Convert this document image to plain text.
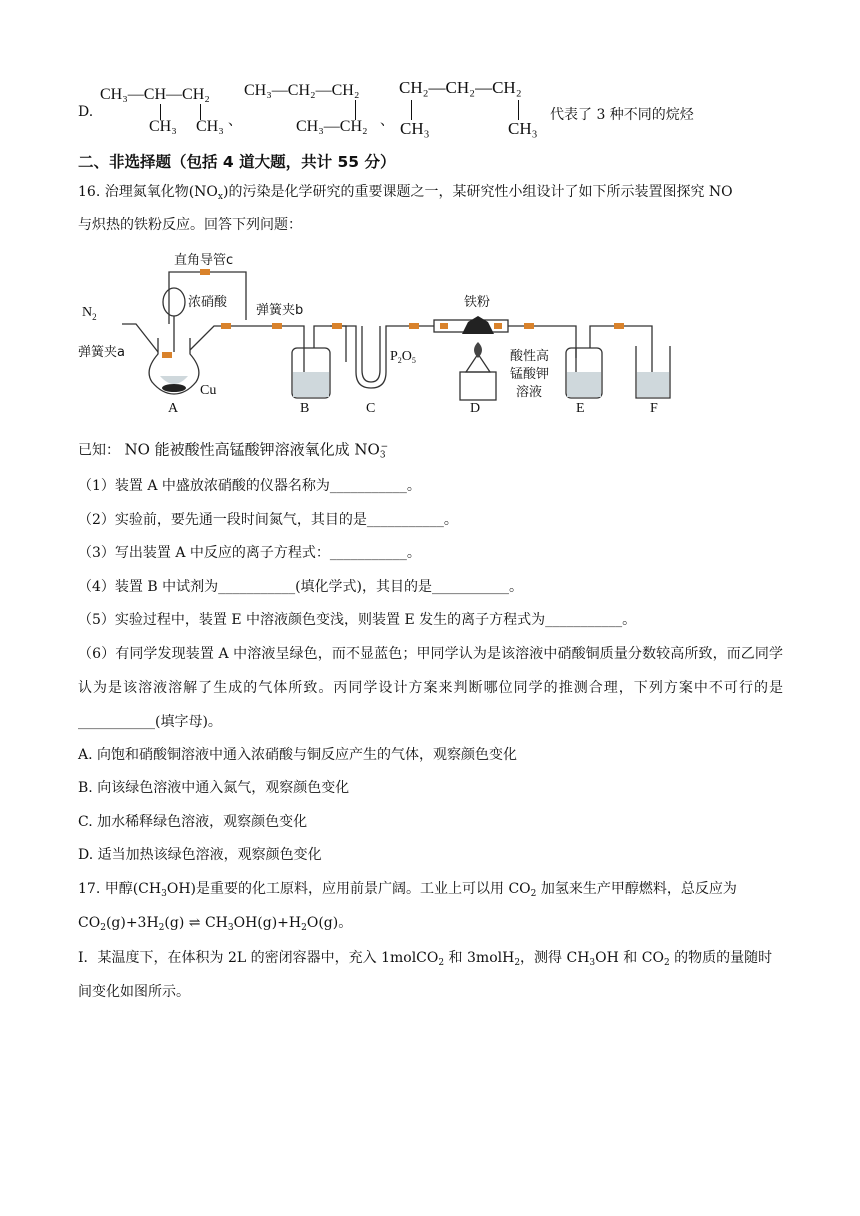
D.
CH₃—CH—CH₂
CH₃ CH₃ 、
CH₃—CH₂—CH₂
CH₃—CH₂ 、
CH₂—CH₂—CH₂
CH₃	CH₃
代表了 3 种不同的烷烃
二、非选择题（包括 4 道大题，共计 55 分）
16. 治理氮氧化物$(NO_x)$的污染是化学研究的重要课题之一，某研究性小组设计了如下所示装置图探究 NO
与炽热的铁粉反应。回答下列问题：
直角导管c
浓硝酸
弹簧夹b
$N_2$
弹簧夹a
Cu
铁粉
$P_2O_5$	酸性高
锰酸钾
溶液
A	B	C	D	E	F
已知： NO 能被酸性高锰酸钾溶液氧化成 $NO_3^-$
（1）装置 A 中盛放浓硝酸的仪器名称为___________。
（2）实验前，要先通一段时间氮气，其目的是___________。
（3）写出装置 A 中反应的离子方程式：___________。
（4）装置 B 中试剂为___________(填化学式)，其目的是___________。
（5）实验过程中，装置 E 中溶液颜色变浅，则装置 E 发生的离子方程式为___________。
（6）有同学发现装置 A 中溶液呈绿色，而不显蓝色；甲同学认为是该溶液中硝酸铜质量分数较高所致，而乙同学认为是该溶液溶解了生成的气体所致。丙同学设计方案来判断哪位同学的推测合理，下列方案中不可行的是___________(填字母)。
A. 向饱和硝酸铜溶液中通入浓硝酸与铜反应产生的气体，观察颜色变化
B. 向该绿色溶液中通入氮气，观察颜色变化
C. 加水稀释绿色溶液，观察颜色变化
D. 适当加热该绿色溶液，观察颜色变化
17. 甲醇$(CH_3OH)$是重要的化工原料，应用前景广阔。工业上可以用 $CO_2$ 加氢来生产甲醇燃料，总反应为
$CO_2(g)+3H_2(g)$ ⇌ $CH_3OH(g)+H_2O(g)$。
I．某温度下，在体积为 2L 的密闭容器中，充入 1molCO$_2$ 和 3molH$_2$，测得 $CH_3OH$ 和 $CO_2$ 的物质的量随时
间变化如图所示。
